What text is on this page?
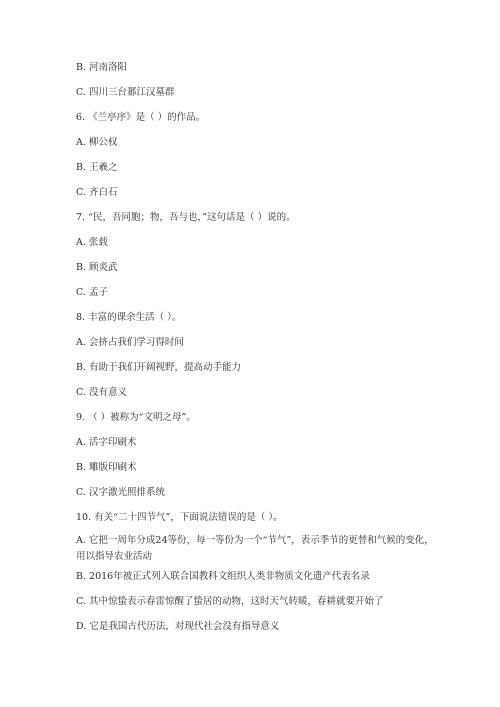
B. 河南洛阳
C. 四川三台郪江汉墓群
6. 《兰亭序》是（ ）的作品。
A. 柳公权
B. 王羲之
C. 齐白石
7. “民，吾同胞；物，吾与也，”这句话是（ ）说的。
A. 张载
B. 顾炎武
C. 孟子
8. 丰富的课余生活（ ）。
A. 会挤占我们学习得时间
B. 有助于我们开阔视野，提高动手能力
C. 没有意义
9. （ ）被称为“文明之母”。
A. 活字印刷术
B. 雕版印刷术
C. 汉字激光照排系统
10. 有关“二十四节气”，下面说法错误的是（ ）。
A. 它把一周年分成24等份，每一等份为一个“节气”，表示季节的更替和气候的变化，用以指导农业活动
B. 2016年被正式列入联合国教科文组织人类非物质文化遗产代表名录
C. 其中惊蛰表示春雷惊醒了蛰居的动物，这时天气转暖，春耕就要开始了
D. 它是我国古代历法，对现代社会没有指导意义
